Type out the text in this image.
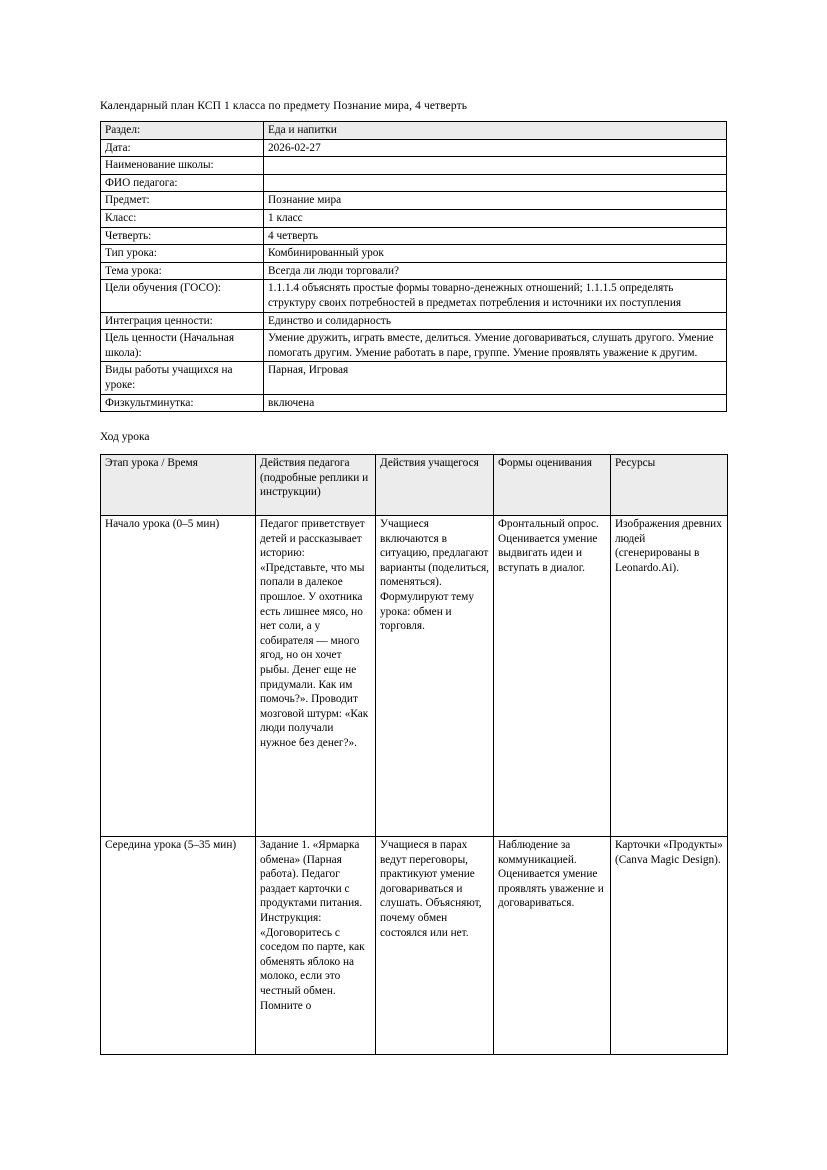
Календарный план КСП 1 класса по предмету Познание мира, 4 четверть
Раздел:	Еда и напитки
Дата:	2026-02-27
Наименование школы:	
ФИО педагога:	
Предмет:	Познание мира
Класс:	1 класс
Четверть:	4 четверть
Тип урока:	Комбинированный урок
Тема урока:	Всегда ли люди торговали?
Цели обучения (ГОСО):	1.1.1.4 объяснять простые формы товарно-денежных отношений; 1.1.1.5 определять структуру своих потребностей в предметах потребления и источники их поступления
Интеграция ценности:	Единство и солидарность
Цель ценности (Начальная школа):	Умение дружить, играть вместе, делиться. Умение договариваться, слушать другого. Умение помогать другим. Умение работать в паре, группе. Умение проявлять уважение к другим.
Виды работы учащихся на уроке:	Парная, Игровая
Физкультминутка:	включена
Ход урока
Этап урока / Время	Действия педагога (подробные реплики и инструкции)	Действия учащегося	Формы оценивания	Ресурсы
Начало урока (0–5 мин)	Педагог приветствует детей и рассказывает историю: «Представьте, что мы попали в далекое прошлое. У охотника есть лишнее мясо, но нет соли, а у собирателя — много ягод, но он хочет рыбы. Денег еще не придумали. Как им помочь?». Проводит мозговой штурм: «Как люди получали нужное без денег?».	Учащиеся включаются в ситуацию, предлагают варианты (поделиться, поменяться). Формулируют тему урока: обмен и торговля.	Фронтальный опрос. Оценивается умение выдвигать идеи и вступать в диалог.	Изображения древних людей (сгенерированы в Leonardo.Ai).
Середина урока (5–35 мин)	Задание 1. «Ярмарка обмена» (Парная работа). Педагог раздает карточки с продуктами питания. Инструкция: «Договоритесь с соседом по парте, как обменять яблоко на молоко, если это честный обмен. Помните о	Учащиеся в парах ведут переговоры, практикуют умение договариваться и слушать. Объясняют, почему обмен состоялся или нет.	Наблюдение за коммуникацией. Оценивается умение проявлять уважение и договариваться.	Карточки «Продукты» (Canva Magic Design).
